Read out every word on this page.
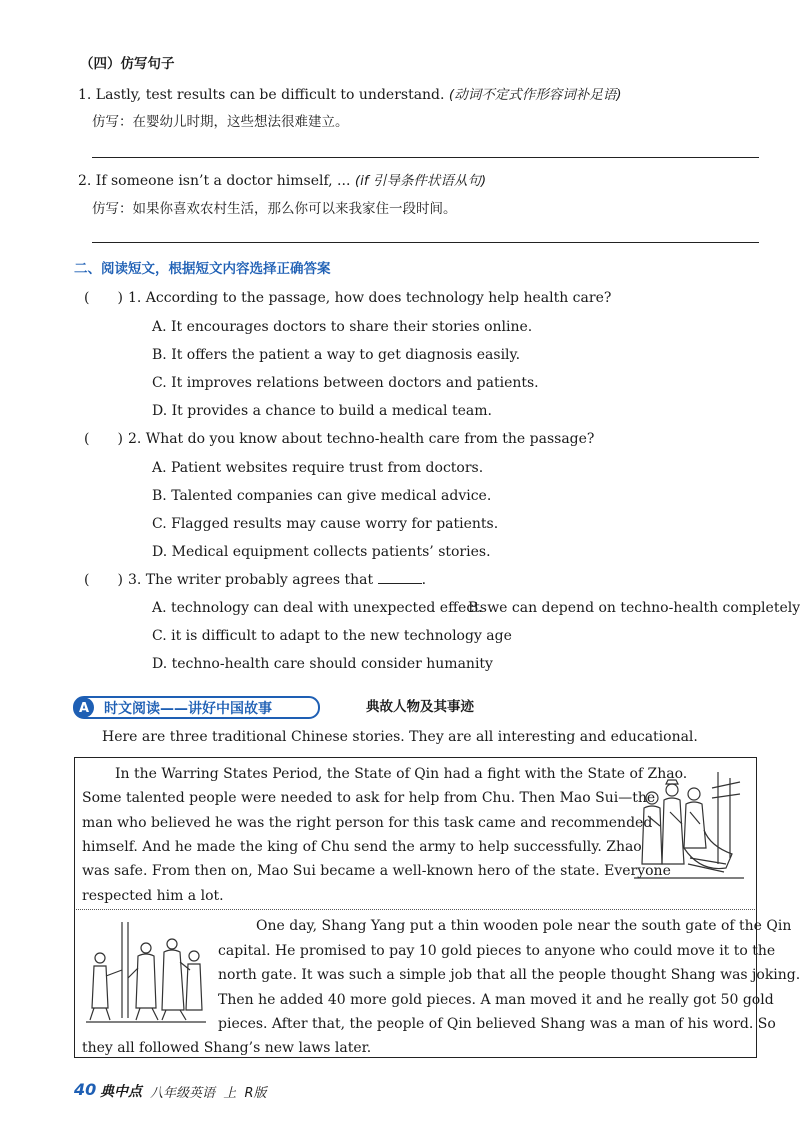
（四）仿写句子
1. Lastly, test results can be difficult to understand. (动词不定式作形容词补足语)
仿写：在婴幼儿时期，这些想法很难建立。
2. If someone isn’t a doctor himself, ... (if 引导条件状语从句)
仿写：如果你喜欢农村生活，那么你可以来我家住一段时间。
二、阅读短文，根据短文内容选择正确答案
(　　) 1. According to the passage, how does technology help health care?
A. It encourages doctors to share their stories online.
B. It offers the patient a way to get diagnosis easily.
C. It improves relations between doctors and patients.
D. It provides a chance to build a medical team.
(　　) 2. What do you know about techno-health care from the passage?
A. Patient websites require trust from doctors.
B. Talented companies can give medical advice.
C. Flagged results may cause worry for patients.
D. Medical equipment collects patients’ stories.
(　　) 3. The writer probably agrees that	.
A. technology can deal with unexpected effects
B. we can depend on techno-health completely
C. it is difficult to adapt to the new technology age
D. techno-health care should consider humanity
A 时文阅读——讲好中国故事	典故人物及其事迹
Here are three traditional Chinese stories. They are all interesting and educational.
In the Warring States Period, the State of Qin had a fight with the State of Zhao.
Some talented people were needed to ask for help from Chu. Then Mao Sui—the
man who believed he was the right person for this task came and recommended
himself. And he made the king of Chu send the army to help successfully. Zhao
was safe. From then on, Mao Sui became a well-known hero of the state. Everyone
respected him a lot.
One day, Shang Yang put a thin wooden pole near the south gate of the Qin
capital. He promised to pay 10 gold pieces to anyone who could move it to the
north gate. It was such a simple job that all the people thought Shang was joking.
Then he added 40 more gold pieces. A man moved it and he really got 50 gold
pieces. After that, the people of Qin believed Shang was a man of his word. So
they all followed Shang’s new laws later.
40 典中点 八年级英语  上  R版
